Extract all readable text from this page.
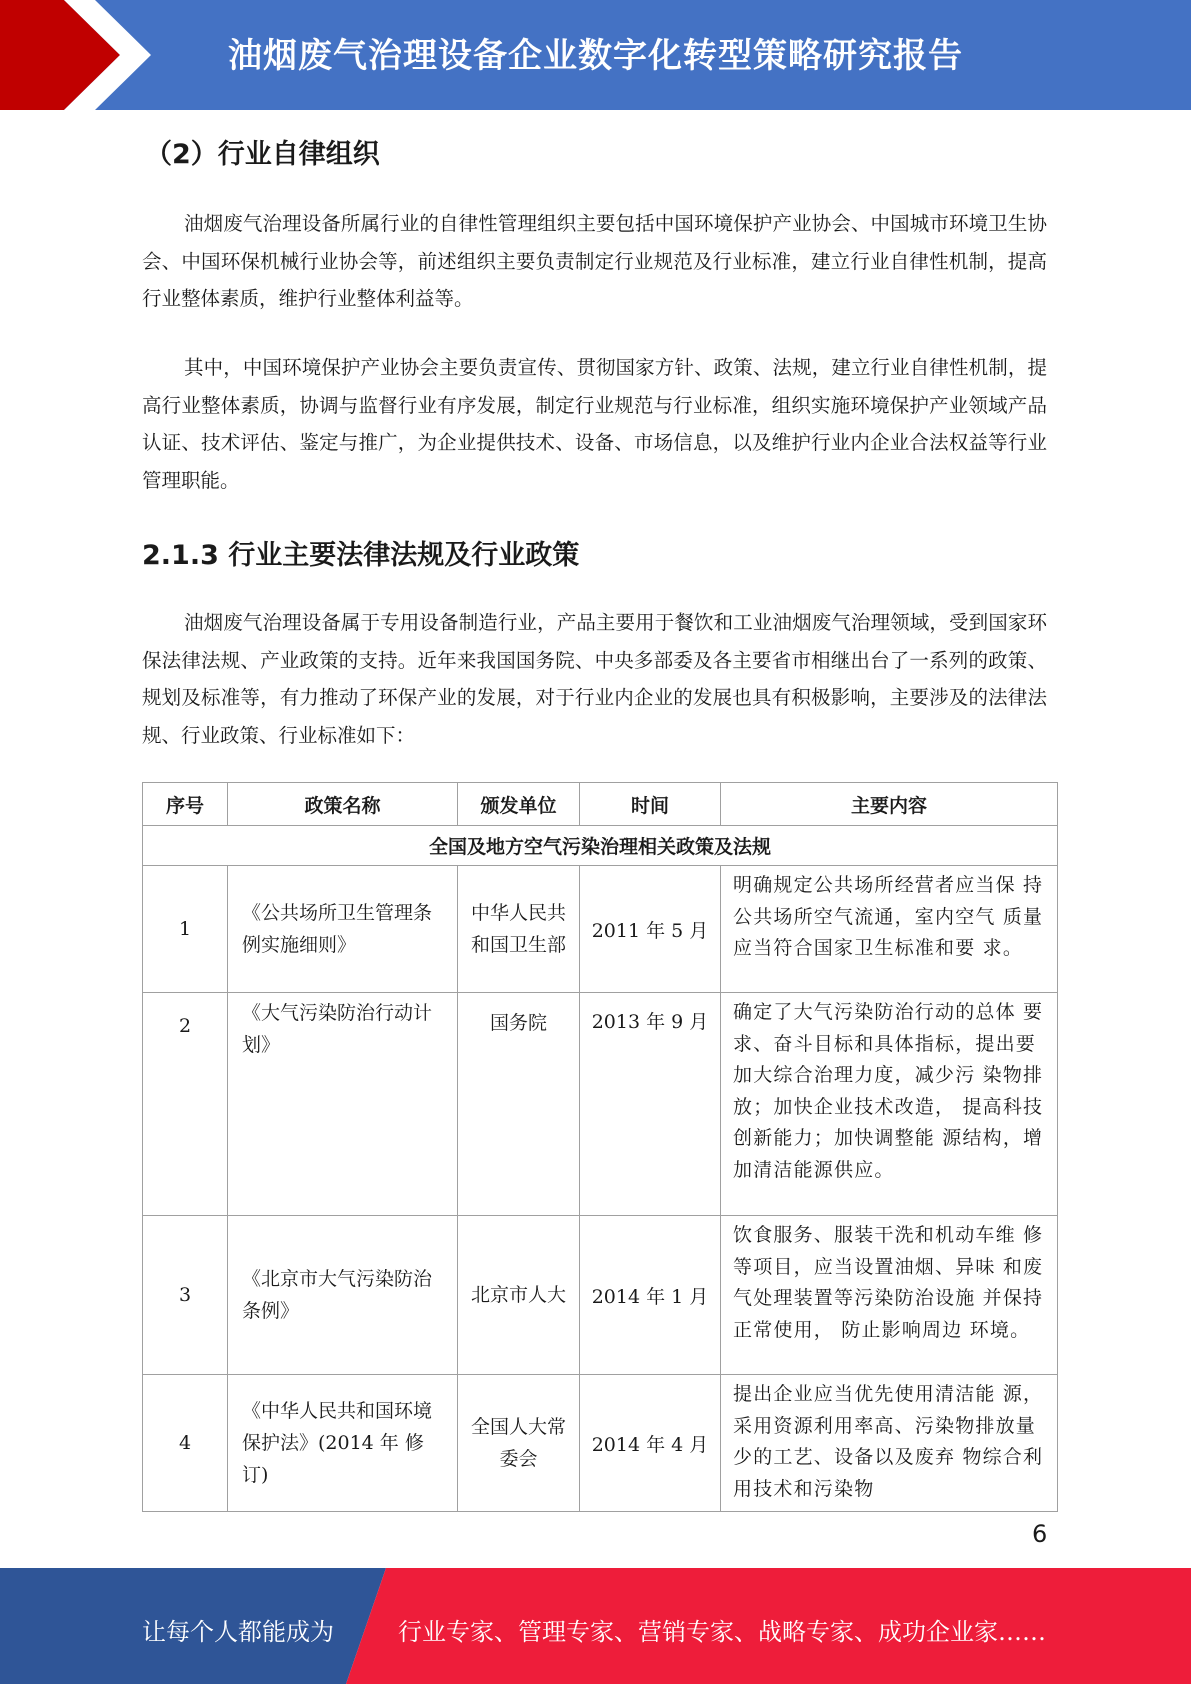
油烟废气治理设备企业数字化转型策略研究报告
（2）行业自律组织

油烟废气治理设备所属行业的自律性管理组织主要包括中国环境保护产业协会、中国城市环境卫生协会、中国环保机械行业协会等，前述组织主要负责制定行业规范及行业标准，建立行业自律性机制，提高行业整体素质，维护行业整体利益等。

其中，中国环境保护产业协会主要负责宣传、贯彻国家方针、政策、法规，建立行业自律性机制，提高行业整体素质，协调与监督行业有序发展，制定行业规范与行业标准，组织实施环境保护产业领域产品认证、技术评估、鉴定与推广，为企业提供技术、设备、市场信息，以及维护行业内企业合法权益等行业管理职能。

2.1.3 行业主要法律法规及行业政策

油烟废气治理设备属于专用设备制造行业，产品主要用于餐饮和工业油烟废气治理领域，受到国家环保法律法规、产业政策的支持。近年来我国国务院、中央多部委及各主要省市相继出台了一系列的政策、规划及标准等，有力推动了环保产业的发展，对于行业内企业的发展也具有积极影响，主要涉及的法律法规、行业政策、行业标准如下：

序号	政策名称	颁发单位	时间	主要内容
全国及地方空气污染治理相关政策及法规				
1	《公共场所卫生管理条例实施细则》	中华人民共和国卫生部	2011 年 5 月	明确规定公共场所经营者应当保 持公共场所空气流通，室内空气 质量应当符合国家卫生标准和要 求。
2	《大气污染防治行动计划》	国务院	2013 年 9 月	确定了大气污染防治行动的总体 要求、奋斗目标和具体指标，提出要加大综合治理力度，减少污 染物排放；加快企业技术改造， 提高科技创新能力；加快调整能 源结构，增加清洁能源供应。
3	《北京市大气污染防治条例》	北京市人大	2014 年 1 月	饮食服务、服装干洗和机动车维 修等项目，应当设置油烟、异味 和废气处理装置等污染防治设施 并保持正常使用， 防止影响周边 环境。
4	《中华人民共和国环境保护法》(2014 年 修订)	全国人大常委会	2014 年 4 月	提出企业应当优先使用清洁能 源，采用资源利用率高、污染物排放量少的工艺、设备以及废弃 物综合利用技术和污染物
6
让每个人都能成为	行业专家、管理专家、营销专家、战略专家、成功企业家……
